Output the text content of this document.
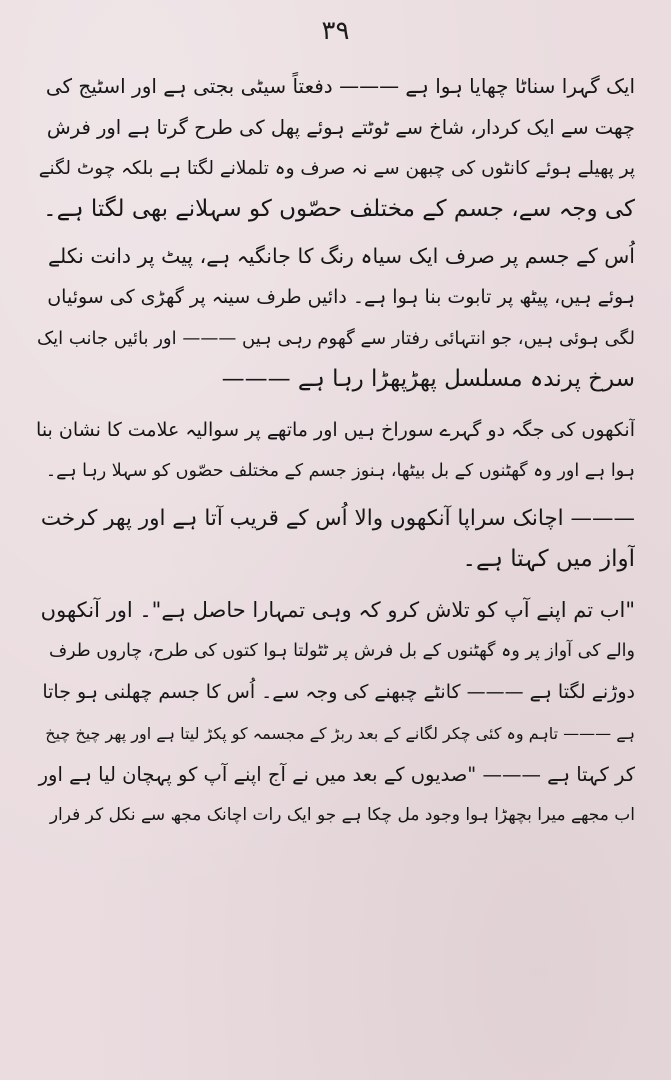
۳۹
ایک گہرا سناٹا چھایا ہوا ہے ——— دفعتاً سیٹی بجتی ہے اور اسٹیج کی
چھت سے ایک کردار، شاخ سے ٹوٹتے ہوئے پھل کی طرح گرتا ہے اور فرش
پر پھیلے ہوئے کانٹوں کی چبھن سے نہ صرف وہ تلملانے لگتا ہے بلکہ چوٹ لگنے
کی وجہ سے، جسم کے مختلف حصّوں کو سہلانے بھی لگتا ہے۔
اُس کے جسم پر صرف ایک سیاہ رنگ کا جانگیہ ہے، پیٹ پر دانت نکلے
ہوئے ہیں، پیٹھ پر تابوت بنا ہوا ہے۔ دائیں طرف سینہ پر گھڑی کی سوئیاں
لگی ہوئی ہیں، جو انتہائی رفتار سے گھوم رہی ہیں ——— اور بائیں جانب ایک
سرخ پرندہ مسلسل پھڑپھڑا رہا ہے ———
آنکھوں کی جگہ دو گہرے سوراخ ہیں اور ماتھے پر سوالیہ علامت کا نشان بنا
ہوا ہے اور وہ گھٹنوں کے بل بیٹھا، ہنوز جسم کے مختلف حصّوں کو سہلا رہا ہے۔
——— اچانک سراپا آنکھوں والا اُس کے قریب آتا ہے اور پھر کرخت
آواز میں کہتا ہے۔
"اب تم اپنے آپ کو تلاش کرو کہ وہی تمہارا حاصل ہے"۔ اور آنکھوں
والے کی آواز پر وہ گھٹنوں کے بل فرش پر ٹٹولتا ہوا کتوں کی طرح، چاروں طرف
دوڑنے لگتا ہے ——— کانٹے چبھنے کی وجہ سے۔ اُس کا جسم چھلنی ہو جاتا
ہے ——— تاہم وہ کئی چکر لگانے کے بعد ربڑ کے مجسمہ کو پکڑ لیتا ہے اور پھر چیخ چیخ
کر کہتا ہے ——— "صدیوں کے بعد میں نے آج اپنے آپ کو پہچان لیا ہے اور
اب مجھے میرا بچھڑا ہوا وجود مل چکا ہے جو ایک رات اچانک مجھ سے نکل کر فرار
